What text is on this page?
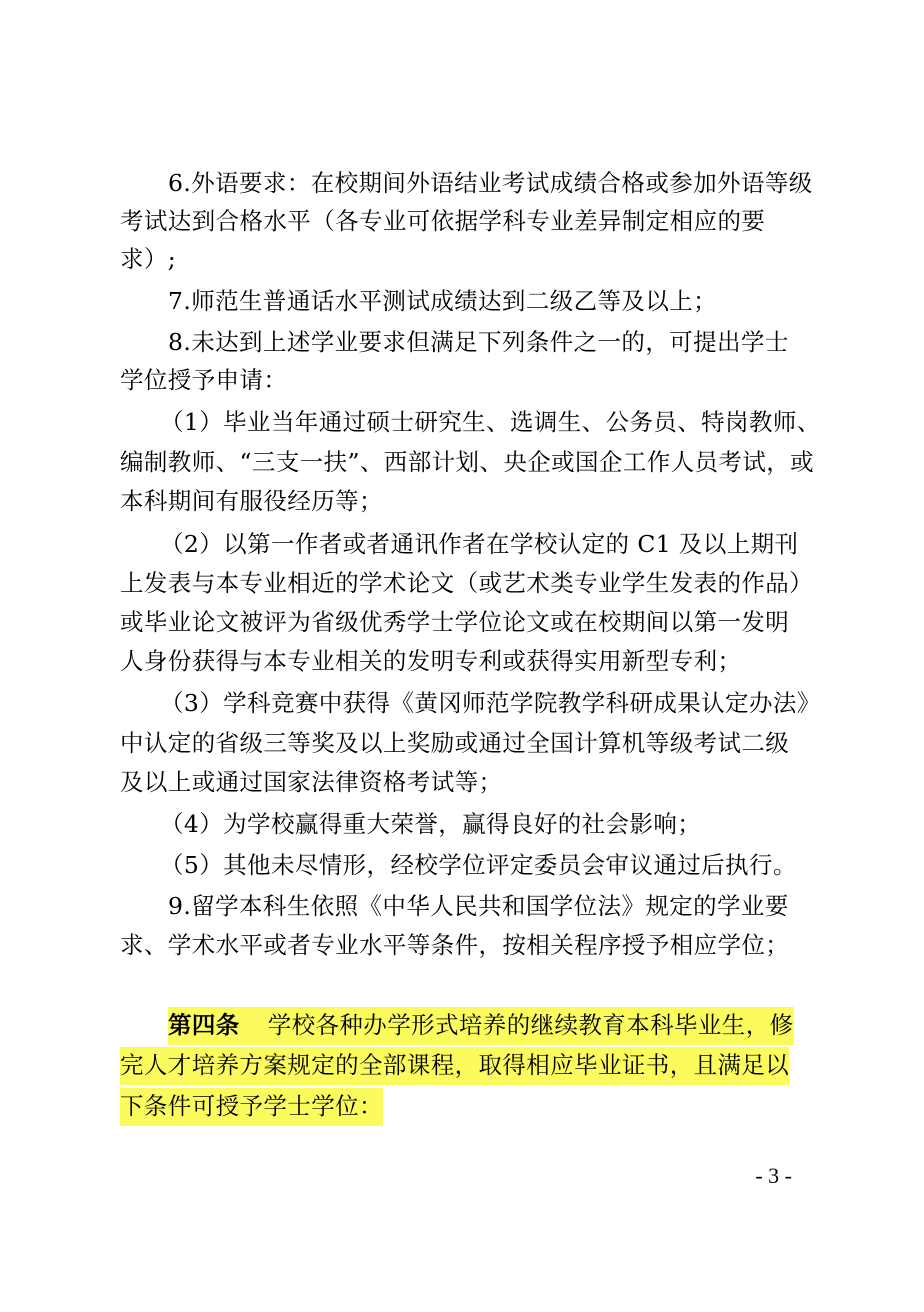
6.外语要求：在校期间外语结业考试成绩合格或参加外语等级
考试达到合格水平（各专业可依据学科专业差异制定相应的要
求）;
7.师范生普通话水平测试成绩达到二级乙等及以上；
8.未达到上述学业要求但满足下列条件之一的，可提出学士
学位授予申请：
（1）毕业当年通过硕士研究生、选调生、公务员、特岗教师、
编制教师、“三支一扶”、西部计划、央企或国企工作人员考试，或
本科期间有服役经历等；
（2）以第一作者或者通讯作者在学校认定的 C1 及以上期刊
上发表与本专业相近的学术论文（或艺术类专业学生发表的作品）
或毕业论文被评为省级优秀学士学位论文或在校期间以第一发明
人身份获得与本专业相关的发明专利或获得实用新型专利；
（3）学科竞赛中获得《黄冈师范学院教学科研成果认定办法》
中认定的省级三等奖及以上奖励或通过全国计算机等级考试二级
及以上或通过国家法律资格考试等；
（4）为学校赢得重大荣誉，赢得良好的社会影响；
（5）其他未尽情形，经校学位评定委员会审议通过后执行。
9.留学本科生依照《中华人民共和国学位法》规定的学业要
求、学术水平或者专业水平等条件，按相关程序授予相应学位；
第四条 学校各种办学形式培养的继续教育本科毕业生，修
完人才培养方案规定的全部课程，取得相应毕业证书，且满足以
下条件可授予学士学位：
- 3 -
